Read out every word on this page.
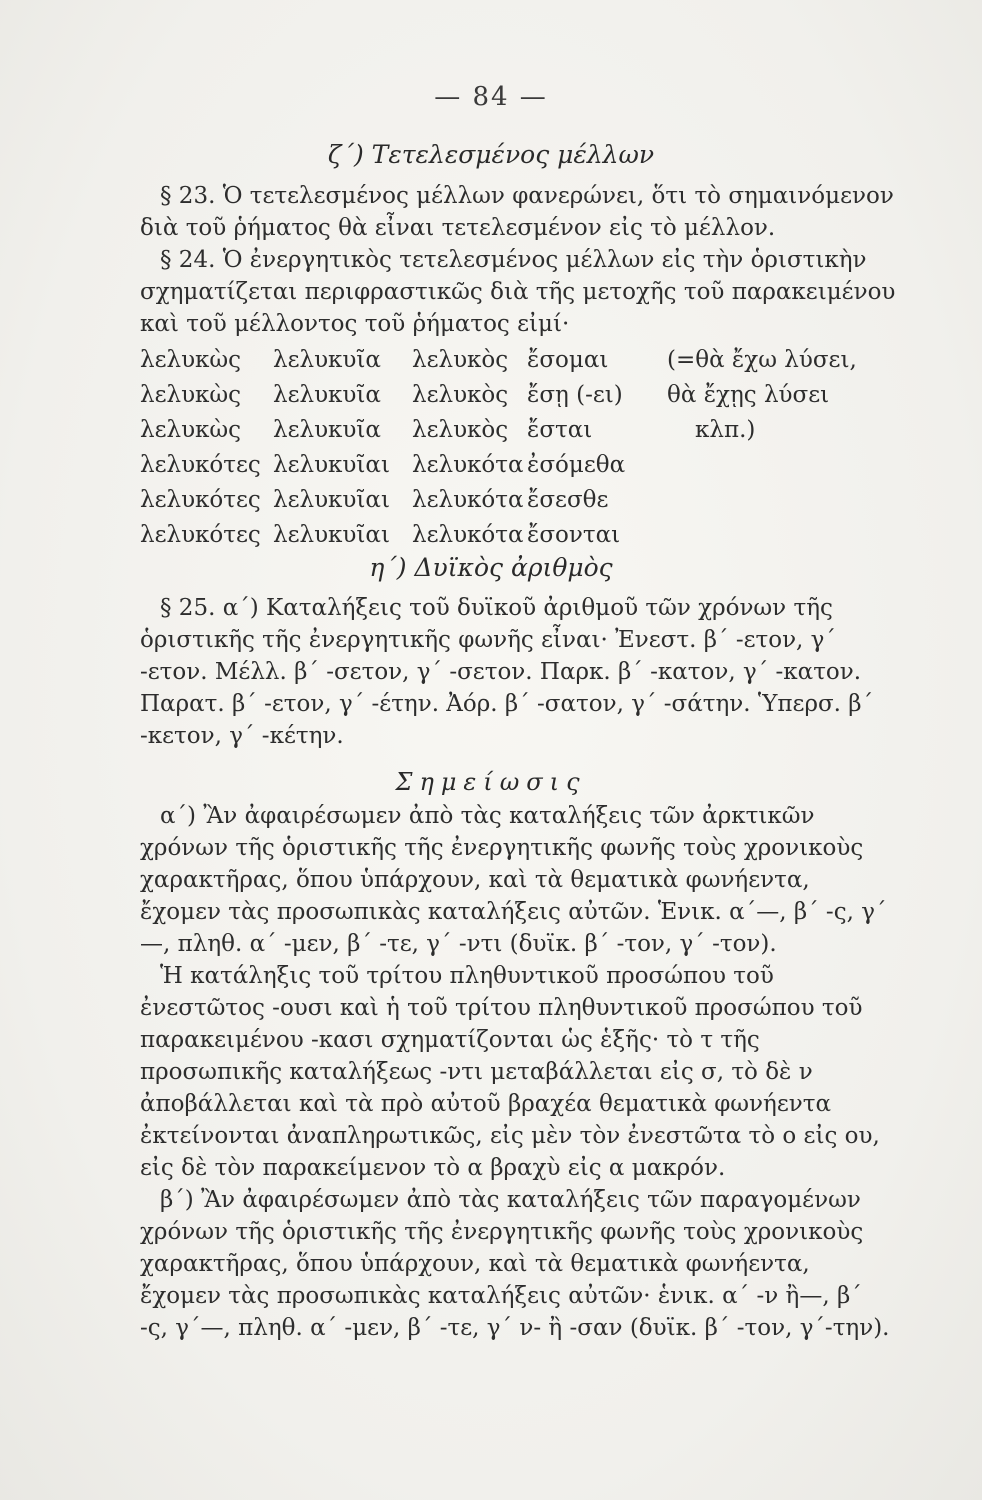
— 84 —
ζ΄) Τετελεσμένος μέλλων

§ 23. Ὁ τετελεσμένος μέλλων φανερώνει, ὅτι τὸ σημαινόμενον διὰ τοῦ ῥήματος θὰ εἶναι τετελεσμένον εἰς τὸ μέλλον.

§ 24. Ὁ ἐνεργητικὸς τετελεσμένος μέλλων εἰς τὴν ὁριστικὴν σχηματίζεται περιφραστικῶς διὰ τῆς μετοχῆς τοῦ παρακειμένου καὶ τοῦ μέλλοντος τοῦ ῥήματος εἰμί·

λελυκὼς λελυκυῖα λελυκὸς ἔσομαι	(=θὰ ἔχω λύσει,
λελυκὼς λελυκυῖα λελυκὸς ἔσῃ (-ει) θὰ ἔχῃς λύσει
λελυκὼς λελυκυῖα λελυκὸς ἔσται	κλπ.)
λελυκότες λελυκυῖαι λελυκότα ἐσόμεθα
λελυκότες λελυκυῖαι λελυκότα ἔσεσθε
λελυκότες λελυκυῖαι λελυκότα ἔσονται
η΄) Δυϊκὸς ἀριθμὸς

§ 25. α΄) Καταλήξεις τοῦ δυϊκοῦ ἀριθμοῦ τῶν χρόνων τῆς ὁριστικῆς τῆς ἐνεργητικῆς φωνῆς εἶναι· Ἐνεστ. β΄ -ετον, γ΄ -ετον. Μέλλ. β΄ -σετον, γ΄ -σετον. Παρκ. β΄ -κατον, γ΄ -κατον. Παρατ. β΄ -ετον, γ΄ -έτην. Ἀόρ. β΄ -σατον, γ΄ -σάτην. Ὑπερσ. β΄ -κετον, γ΄ -κέτην.

Σημείωσις

α΄) Ἂν ἀφαιρέσωμεν ἀπὸ τὰς καταλήξεις τῶν ἀρκτικῶν χρόνων τῆς ὁριστικῆς τῆς ἐνεργητικῆς φωνῆς τοὺς χρονικοὺς χαρακτῆρας, ὅπου ὑπάρχουν, καὶ τὰ θεματικὰ φωνήεντα, ἔχομεν τὰς προσωπικὰς καταλήξεις αὐτῶν. Ἑνικ. α΄—, β΄ -ς, γ΄—, πληθ. α΄ -μεν, β΄ -τε, γ΄ -ντι (δυϊκ. β΄ -τον, γ΄ -τον).

Ἡ κατάληξις τοῦ τρίτου πληθυντικοῦ προσώπου τοῦ ἐνεστῶτος -ουσι καὶ ἡ τοῦ τρίτου πληθυντικοῦ προσώπου τοῦ παρακειμένου -κασι σχηματίζονται ὡς ἑξῆς· τὸ τ τῆς προσωπικῆς καταλήξεως -ντι μεταβάλλεται εἰς σ, τὸ δὲ ν ἀποβάλλεται καὶ τὰ πρὸ αὐτοῦ βραχέα θεματικὰ φωνήεντα ἐκτείνονται ἀναπληρωτικῶς, εἰς μὲν τὸν ἐνεστῶτα τὸ ο εἰς ου, εἰς δὲ τὸν παρακείμενον τὸ α βραχὺ εἰς α μακρόν.

β΄) Ἂν ἀφαιρέσωμεν ἀπὸ τὰς καταλήξεις τῶν παραγομένων χρόνων τῆς ὁριστικῆς τῆς ἐνεργητικῆς φωνῆς τοὺς χρονικοὺς χαρακτῆρας, ὅπου ὑπάρχουν, καὶ τὰ θεματικὰ φωνήεντα, ἔχομεν τὰς προσωπικὰς καταλήξεις αὐτῶν· ἑνικ. α΄ -ν ἢ—, β΄ -ς, γ΄—, πληθ. α΄ -μεν, β΄ -τε, γ΄ ν- ἢ -σαν (δυϊκ. β΄ -τον, γ΄-την).
